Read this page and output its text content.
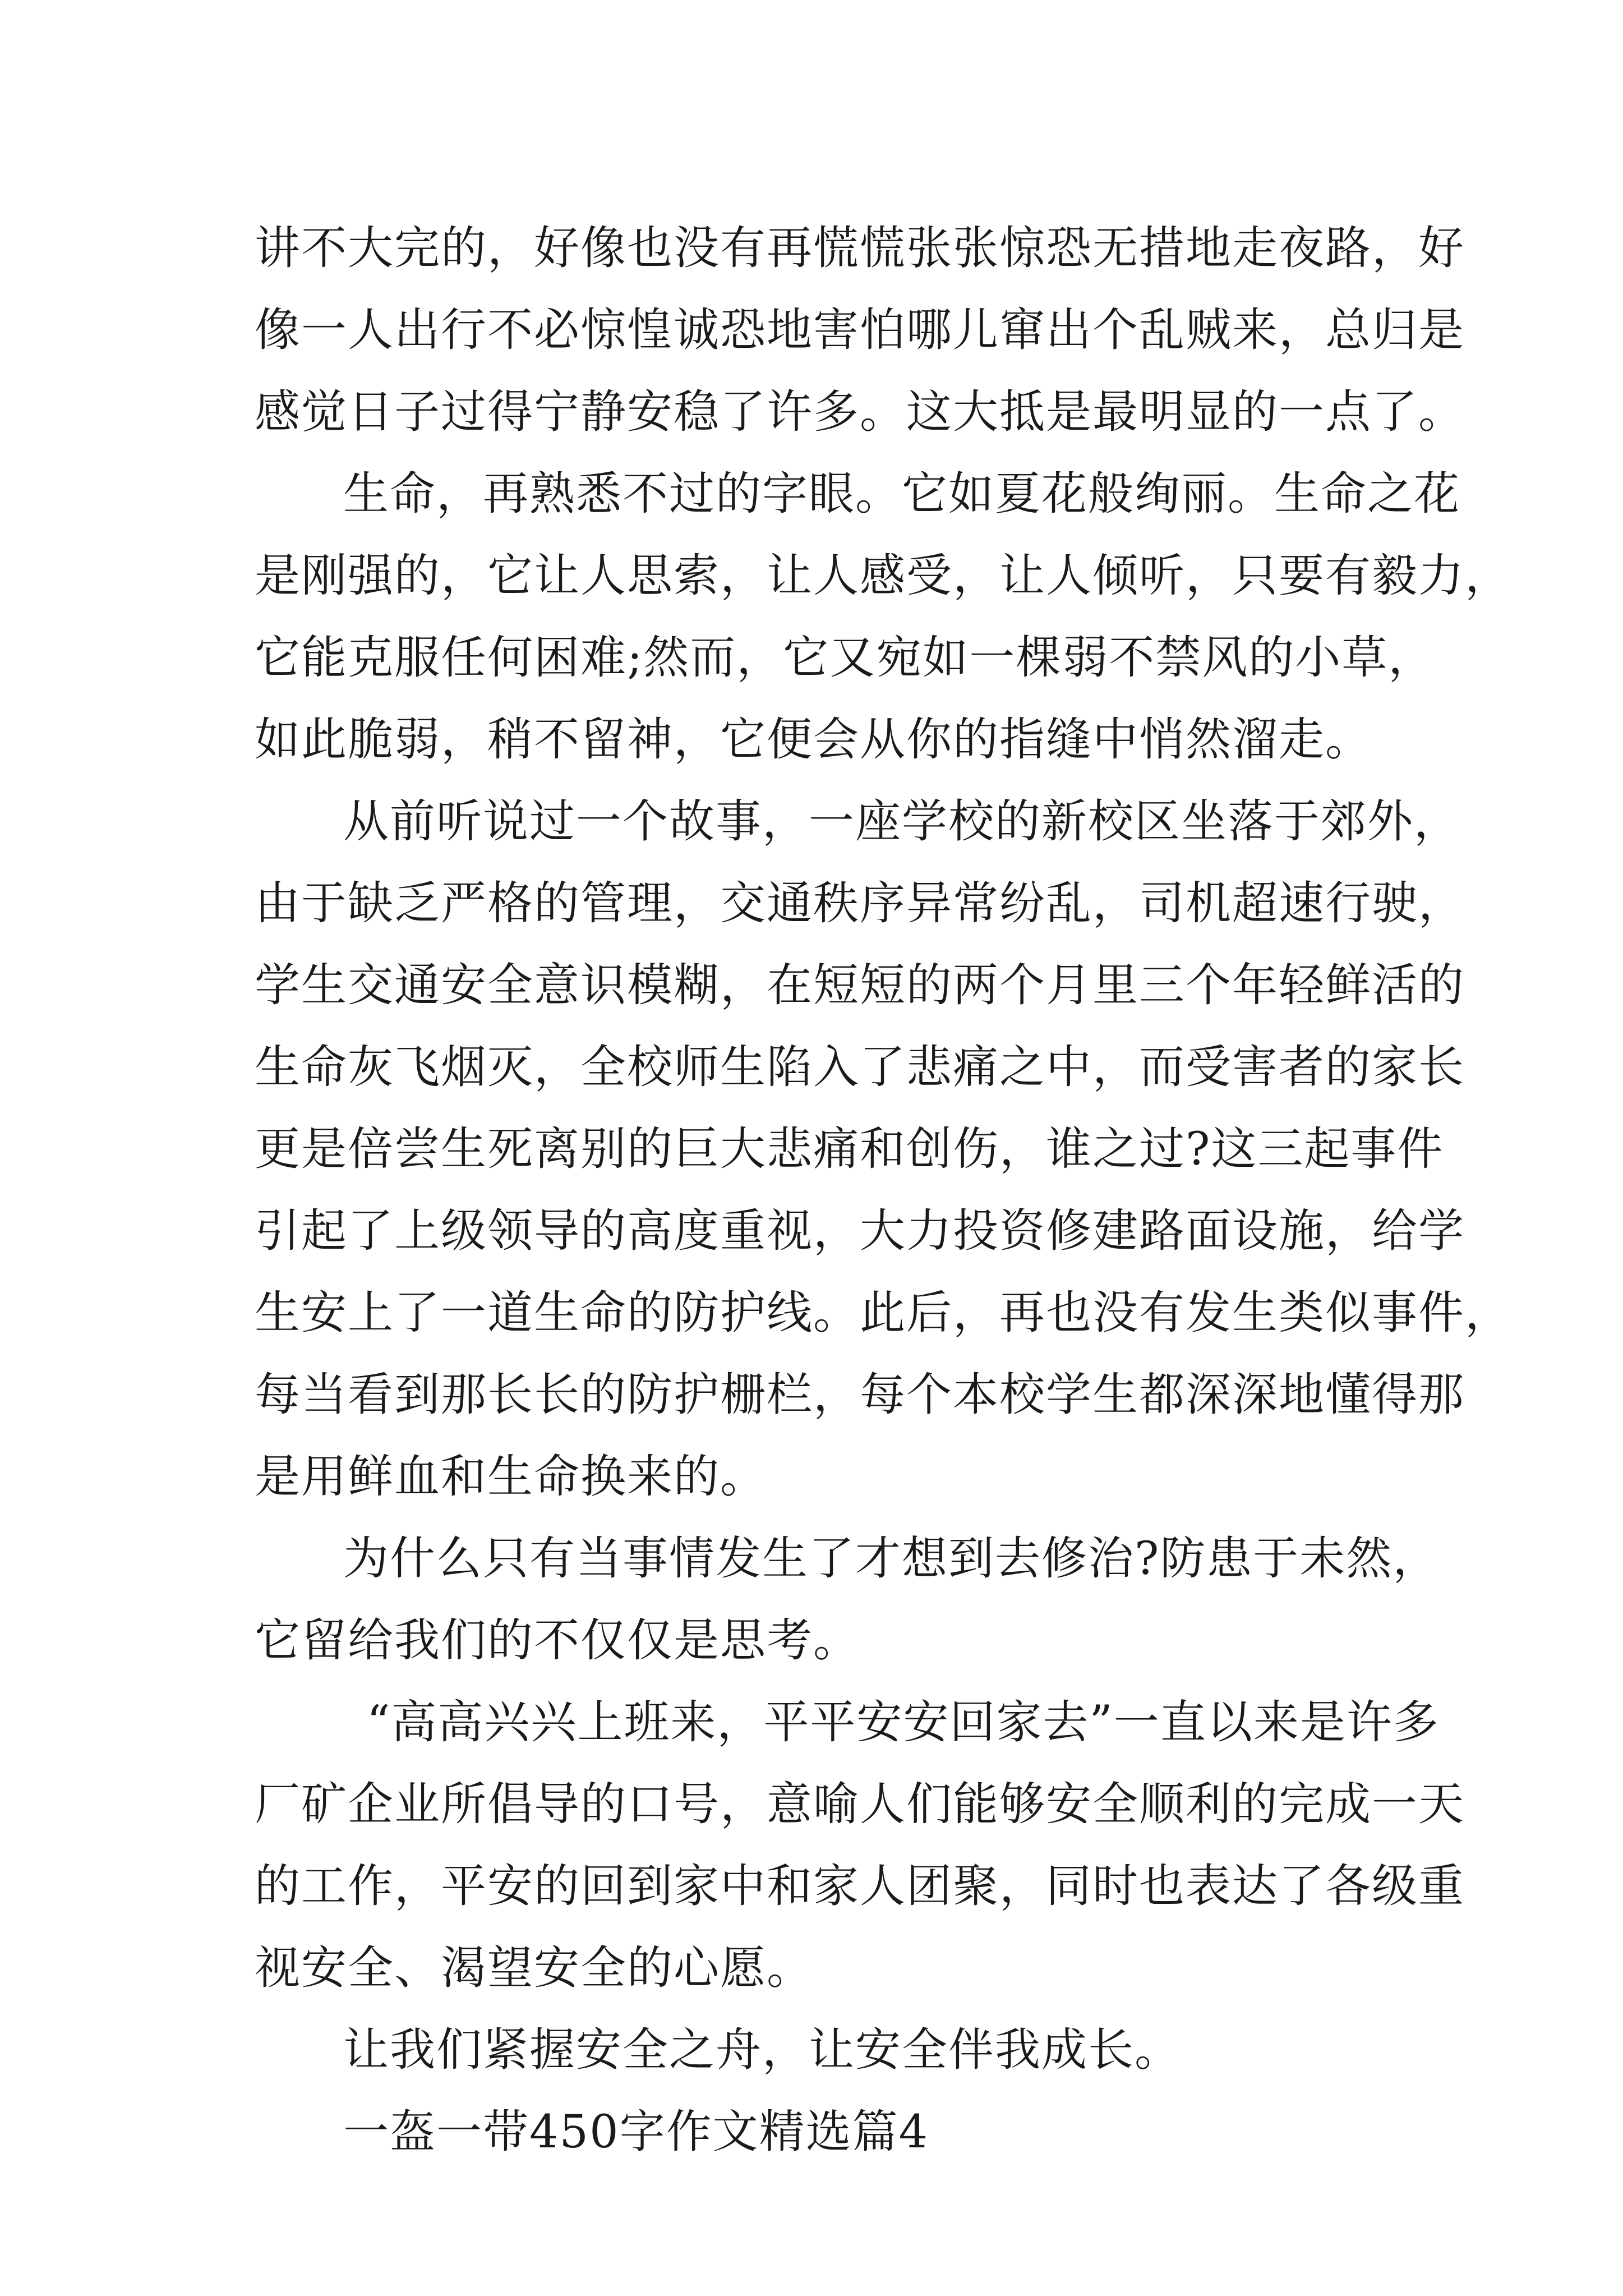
讲不大完的，好像也没有再慌慌张张惊恐无措地走夜路，好
像一人出行不必惊惶诚恐地害怕哪儿窜出个乱贼来，总归是
感觉日子过得宁静安稳了许多。这大抵是最明显的一点了。
生命，再熟悉不过的字眼。它如夏花般绚丽。生命之花
是刚强的，它让人思索，让人感受，让人倾听，只要有毅力，
它能克服任何困难;然而，它又宛如一棵弱不禁风的小草，
如此脆弱，稍不留神，它便会从你的指缝中悄然溜走。
从前听说过一个故事，一座学校的新校区坐落于郊外，
由于缺乏严格的管理，交通秩序异常纷乱，司机超速行驶，
学生交通安全意识模糊，在短短的两个月里三个年轻鲜活的
生命灰飞烟灭，全校师生陷入了悲痛之中，而受害者的家长
更是倍尝生死离别的巨大悲痛和创伤，谁之过?这三起事件
引起了上级领导的高度重视，大力投资修建路面设施，给学
生安上了一道生命的防护线。此后，再也没有发生类似事件，
每当看到那长长的防护栅栏，每个本校学生都深深地懂得那
是用鲜血和生命换来的。
为什么只有当事情发生了才想到去修治?防患于未然，
它留给我们的不仅仅是思考。
“高高兴兴上班来，平平安安回家去”一直以来是许多
厂矿企业所倡导的口号，意喻人们能够安全顺利的完成一天
的工作，平安的回到家中和家人团聚，同时也表达了各级重
视安全、渴望安全的心愿。
让我们紧握安全之舟，让安全伴我成长。
一盔一带450字作文精选篇4
